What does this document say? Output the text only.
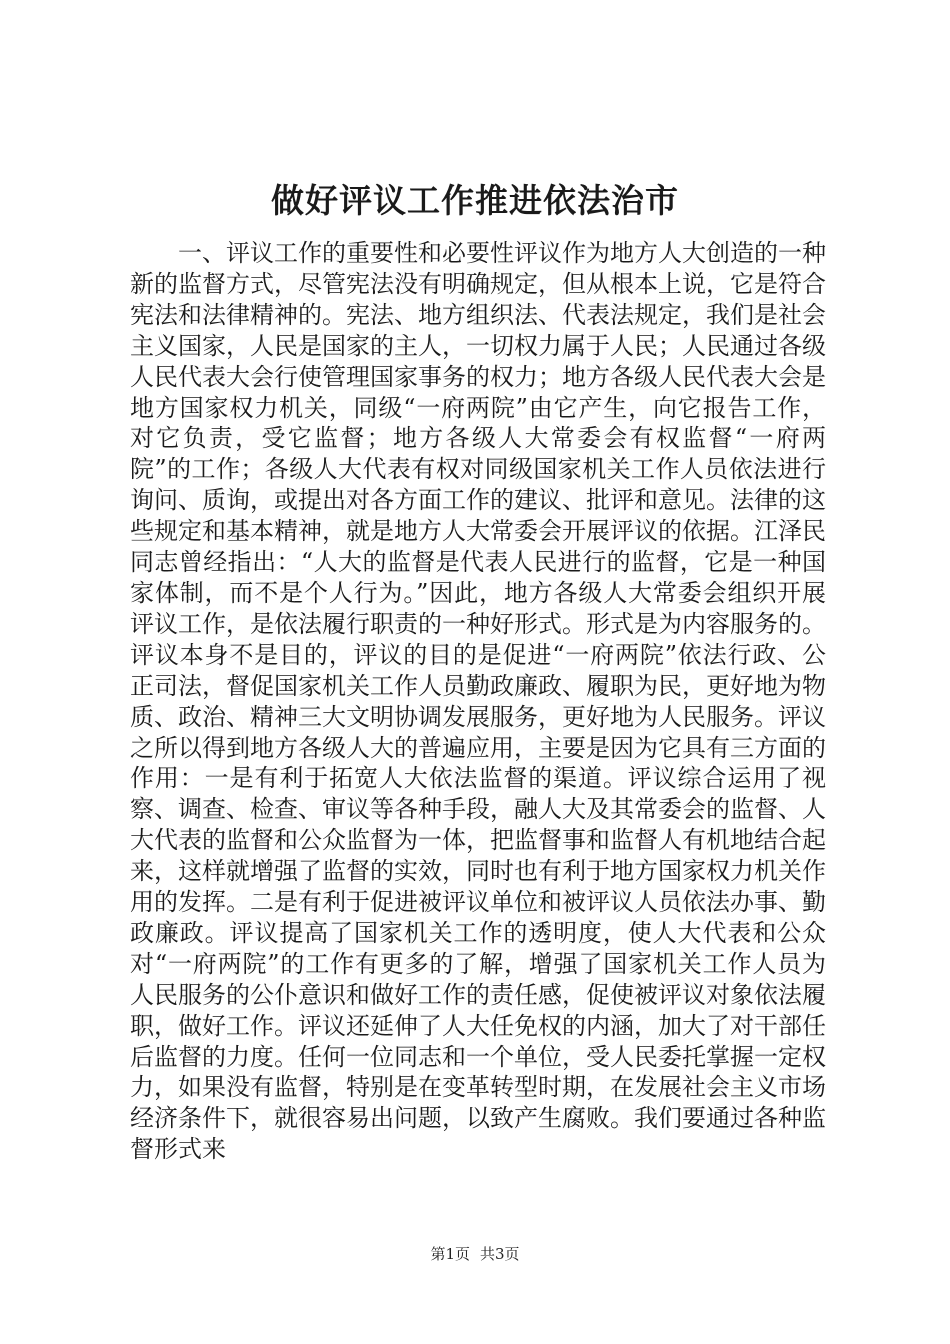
做好评议工作推进依法治市

一、评议工作的重要性和必要性评议作为地方人大创造的一种新的监督方式，尽管宪法没有明确规定，但从根本上说，它是符合宪法和法律精神的。宪法、地方组织法、代表法规定，我们是社会主义国家，人民是国家的主人，一切权力属于人民；人民通过各级人民代表大会行使管理国家事务的权力；地方各级人民代表大会是地方国家权力机关，同级“一府两院”由它产生，向它报告工作，对它负责，受它监督；地方各级人大常委会有权监督“一府两院”的工作；各级人大代表有权对同级国家机关工作人员依法进行询问、质询，或提出对各方面工作的建议、批评和意见。法律的这些规定和基本精神，就是地方人大常委会开展评议的依据。江泽民同志曾经指出：“人大的监督是代表人民进行的监督，它是一种国家体制，而不是个人行为。”因此，地方各级人大常委会组织开展评议工作，是依法履行职责的一种好形式。形式是为内容服务的。评议本身不是目的，评议的目的是促进“一府两院”依法行政、公正司法，督促国家机关工作人员勤政廉政、履职为民，更好地为物质、政治、精神三大文明协调发展服务，更好地为人民服务。评议之所以得到地方各级人大的普遍应用，主要是因为它具有三方面的作用：一是有利于拓宽人大依法监督的渠道。评议综合运用了视察、调查、检查、审议等各种手段，融人大及其常委会的监督、人大代表的监督和公众监督为一体，把监督事和监督人有机地结合起来，这样就增强了监督的实效，同时也有利于地方国家权力机关作用的发挥。二是有利于促进被评议单位和被评议人员依法办事、勤政廉政。评议提高了国家机关工作的透明度，使人大代表和公众对“一府两院”的工作有更多的了解，增强了国家机关工作人员为人民服务的公仆意识和做好工作的责任感，促使被评议对象依法履职，做好工作。评议还延伸了人大任免权的内涵，加大了对干部任后监督的力度。任何一位同志和一个单位，受人民委托掌握一定权力，如果没有监督，特别是在变革转型时期，在发展社会主义市场经济条件下，就很容易出问题，以致产生腐败。我们要通过各种监督形式来

第1页 共3页
